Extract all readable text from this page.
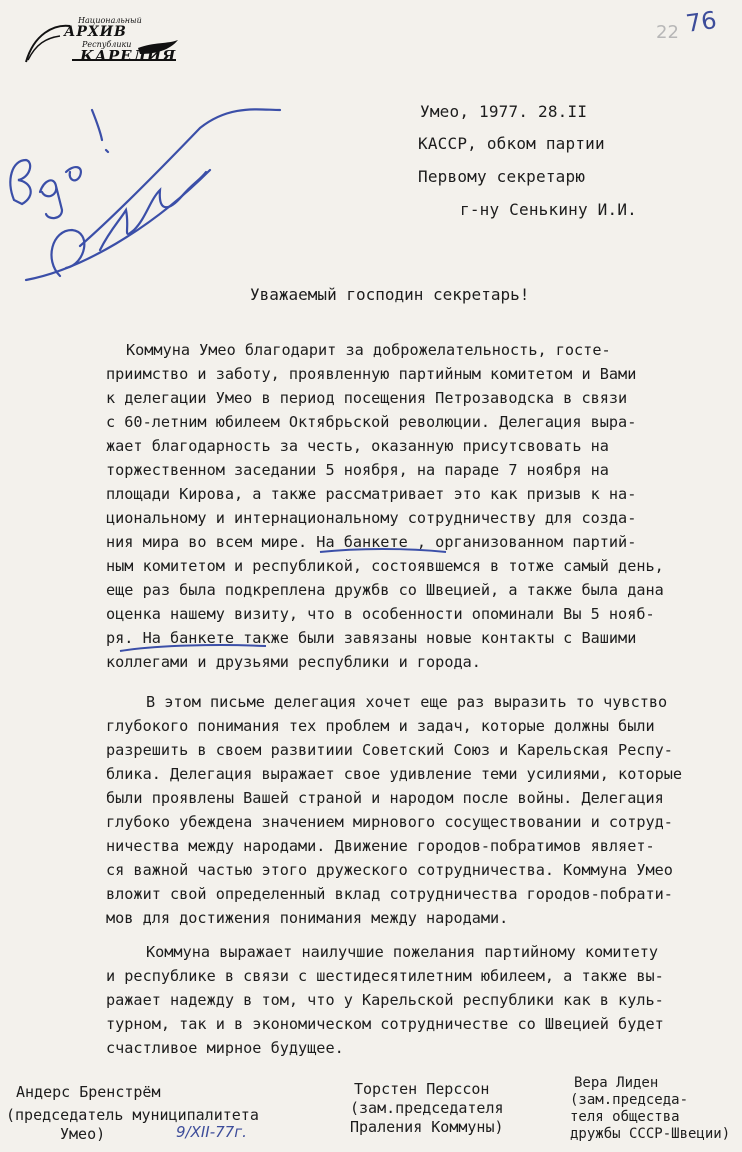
Национальный
АРХИВ
Республики
КАРЕЛИЯ
22 76
Умео, 1977. 28.II
КАССР, обком партии
Первому секретарю
г-ну Сенькину И.И.
Уважаемый господин секретарь!
Коммуна Умео благодарит за доброжелательность, госте-
приимство и заботу, проявленную партийным комитетом и Вами
к делегации Умео в период посещения Петрозаводска в связи
с 60-летним юбилеем Октябрьской революции. Делегация выра-
жает благодарность за честь, оказанную присутсвовать на
торжественном заседании 5 ноября, на параде 7 ноября на
площади Кирова, а также рассматривает это как призыв к на-
циональному и интернациональному сотрудничеству для созда-
ния мира во всем мире. На банкете , организованном партий-
ным комитетом и республикой, состоявшемся в тотже самый день,
еще раз была подкреплена дружбв со Швецией, а также была дана
оценка нашему визиту, что в особенности опоминали Вы 5 нояб-
ря. На банкете также были завязаны новые контакты с Вашими
коллегами и друзьями республики и города.
В этом письме делегация хочет еще раз выразить то чувство
глубокого понимания тех проблем и задач, которые должны были
разрешить в своем развитиии Советский Союз и Карельская Респу-
блика. Делегация выражает свое удивление теми усилиями, которые
были проявлены Вашей страной и народом после войны. Делегация
глубоко убеждена значением мирнового сосуществовании и сотруд-
ничества между народами. Движение городов-побратимов являет-
ся важной частью этого дружеского сотрудничества. Коммуна Умео
вложит свой определенный вклад сотрудничества городов-побрати-
мов для достижения понимания между народами.
Коммуна выражает наилучшие пожелания партийному комитету
и республике в связи с шестидесятилетним юбилеем, а также вы-
ражает надежду в том, что у Карельской республики как в куль-
турном, так и в экономическом сотрудничестве со Швецией будет
счастливое мирное будущее.
Андерс Бренстрём
(председатель муниципалитета
Умео)	9/XII-77г.
Торстен Перссон
(зам.председателя
Праления Коммуны)
Вера Лиден
(зам.председа-
теля общества
дружбы СССР-Швеции)
